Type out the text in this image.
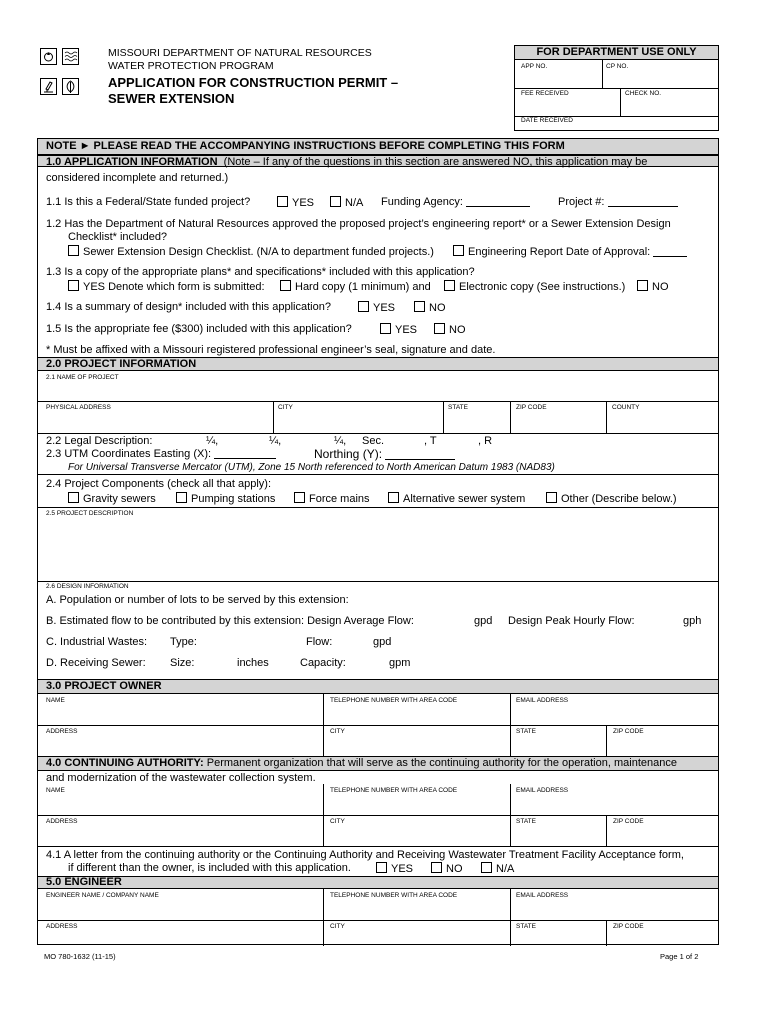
MISSOURI DEPARTMENT OF NATURAL RESOURCES
WATER PROTECTION PROGRAM
APPLICATION FOR CONSTRUCTION PERMIT –
SEWER EXTENSION
FOR DEPARTMENT USE ONLY
APP NO.	CP NO.
FEE RECEIVED	CHECK NO.
DATE RECEIVED
NOTE ► PLEASE READ THE ACCOMPANYING INSTRUCTIONS BEFORE COMPLETING THIS FORM
1.0 APPLICATION INFORMATION (Note – If any of the questions in this section are answered NO, this application may be
considered incomplete and returned.)
1.1 Is this a Federal/State funded project?	YES	N/A Funding Agency:	Project #:
1.2 Has the Department of Natural Resources approved the proposed project’s engineering report* or a Sewer Extension Design
Checklist* included?
Sewer Extension Design Checklist. (N/A to department funded projects.)	Engineering Report Date of Approval:
1.3 Is a copy of the appropriate plans* and specifications* included with this application?
YES Denote which form is submitted:	Hard copy (1 minimum) and	Electronic copy (See instructions.)	NO
1.4 Is a summary of design* included with this application?	YES	NO
1.5 Is the appropriate fee ($300) included with this application?	YES	NO
* Must be affixed with a Missouri registered professional engineer’s seal, signature and date.
2.0 PROJECT INFORMATION
2.1 NAME OF PROJECT
PHYSICAL ADDRESS	CITY	STATE	ZIP CODE	COUNTY
2.2 Legal Description:	¼,	¼,	¼, Sec.	, T	, R
2.3 UTM Coordinates Easting (X):	Northing (Y):
For Universal Transverse Mercator (UTM), Zone 15 North referenced to North American Datum 1983 (NAD83)
2.4 Project Components (check all that apply):
Gravity sewers	Pumping stations	Force mains	Alternative sewer system	Other (Describe below.)
2.5 PROJECT DESCRIPTION
2.6 DESIGN INFORMATION
A. Population or number of lots to be served by this extension:
B. Estimated flow to be contributed by this extension: Design Average Flow:	gpd Design Peak Hourly Flow:	gph
C. Industrial Wastes: Type:	Flow:	gpd
D. Receiving Sewer: Size:	inches	Capacity:	gpm
3.0 PROJECT OWNER
NAME	TELEPHONE NUMBER WITH AREA CODE	EMAIL ADDRESS
ADDRESS	CITY	STATE	ZIP CODE
4.0 CONTINUING AUTHORITY: Permanent organization that will serve as the continuing authority for the operation, maintenance
and modernization of the wastewater collection system.
NAME	TELEPHONE NUMBER WITH AREA CODE	EMAIL ADDRESS
ADDRESS	CITY	STATE	ZIP CODE
4.1 A letter from the continuing authority or the Continuing Authority and Receiving Wastewater Treatment Facility Acceptance form,
if different than the owner, is included with this application.	YES	NO	N/A
5.0 ENGINEER
ENGINEER NAME / COMPANY NAME	TELEPHONE NUMBER WITH AREA CODE	EMAIL ADDRESS
ADDRESS	CITY	STATE	ZIP CODE
MO 780-1632 (11-15)	Page 1 of 2
